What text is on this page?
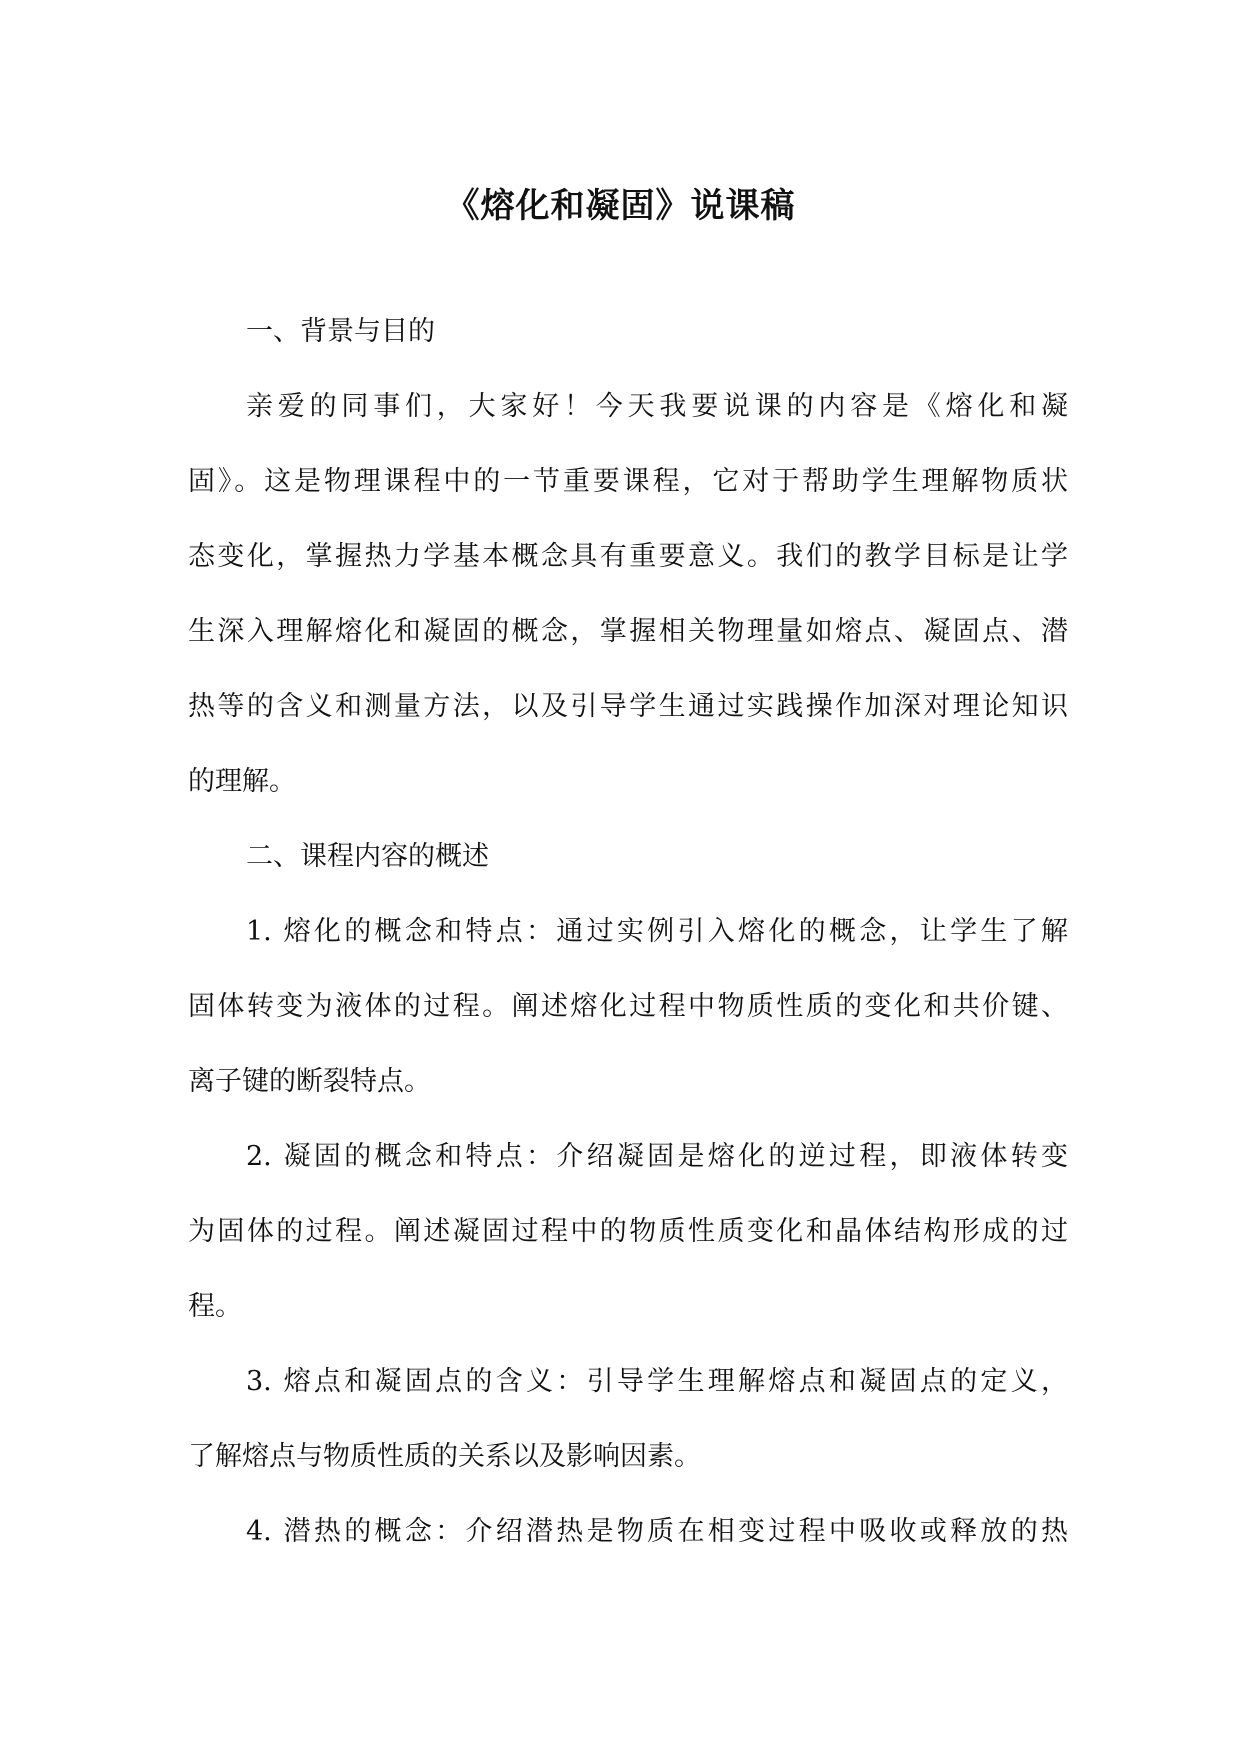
《熔化和凝固》说课稿
一、背景与目的
亲爱的同事们，大家好！今天我要说课的内容是《熔化和凝
固》。这是物理课程中的一节重要课程，它对于帮助学生理解物质状
态变化，掌握热力学基本概念具有重要意义。我们的教学目标是让学
生深入理解熔化和凝固的概念，掌握相关物理量如熔点、凝固点、潜
热等的含义和测量方法，以及引导学生通过实践操作加深对理论知识
的理解。
二、课程内容的概述
1. 熔化的概念和特点：通过实例引入熔化的概念，让学生了解
固体转变为液体的过程。阐述熔化过程中物质性质的变化和共价键、
离子键的断裂特点。
2. 凝固的概念和特点：介绍凝固是熔化的逆过程，即液体转变
为固体的过程。阐述凝固过程中的物质性质变化和晶体结构形成的过
程。
3. 熔点和凝固点的含义：引导学生理解熔点和凝固点的定义，
了解熔点与物质性质的关系以及影响因素。
4. 潜热的概念：介绍潜热是物质在相变过程中吸收或释放的热
